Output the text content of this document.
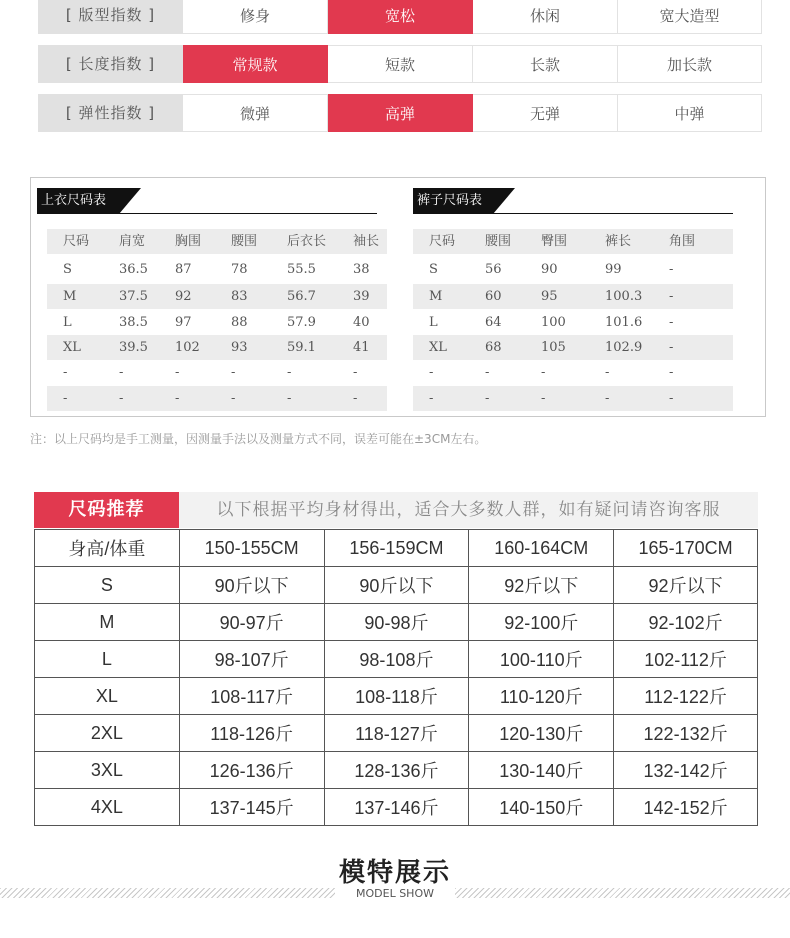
[ 版型指数 ]	修身	宽松	休闲	宽大造型
[ 长度指数 ]	常规款	短款	长款	加长款
[ 弹性指数 ]	微弹	高弹	无弹	中弹
上衣尺码表
尺码	肩宽	胸围	腰围	后衣长	袖长
S	36.5	87	78	55.5	38
M	37.5	92	83	56.7	39
L	38.5	97	88	57.9	40
XL	39.5	102	93	59.1	41
-	-	-	-	-	-
-	-	-	-	-	-
裤子尺码表
尺码	腰围	臀围	裤长	角围
S	56	90	99	-
M	60	95	100.3	-
L	64	100	101.6	-
XL	68	105	102.9	-
-	-	-	-	-
-	-	-	-	-
注：以上尺码均是手工测量，因测量手法以及测量方式不同，误差可能在±3CM左右。
尺码推荐	以下根据平均身材得出，适合大多数人群，如有疑问请咨询客服
身高/体重	150-155CM	156-159CM	160-164CM	165-170CM
S	90斤以下	90斤以下	92斤以下	92斤以下
M	90-97斤	90-98斤	92-100斤	92-102斤
L	98-107斤	98-108斤	100-110斤	102-112斤
XL	108-117斤	108-118斤	110-120斤	112-122斤
2XL	118-126斤	118-127斤	120-130斤	122-132斤
3XL	126-136斤	128-136斤	130-140斤	132-142斤
4XL	137-145斤	137-146斤	140-150斤	142-152斤
模特展示
MODEL SHOW
